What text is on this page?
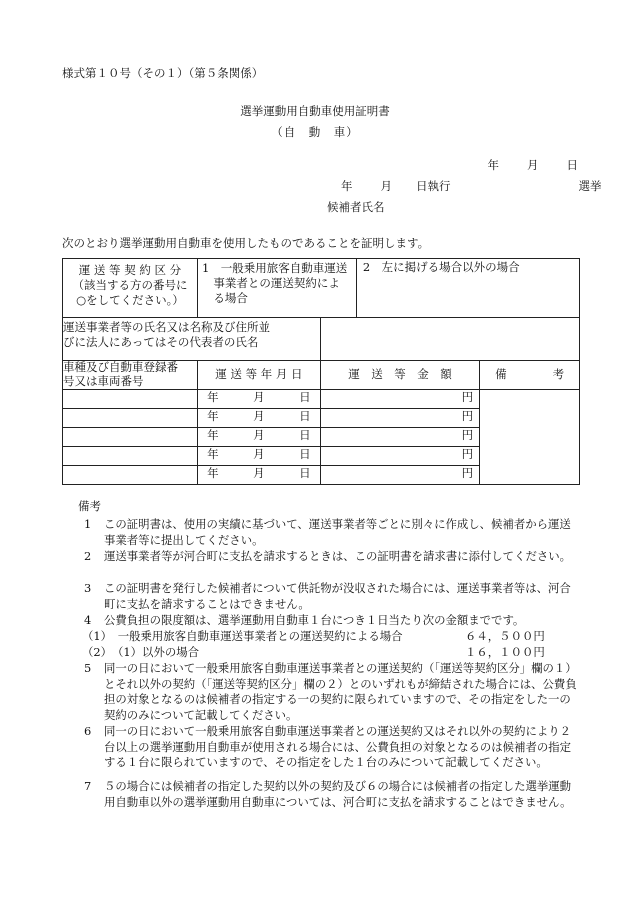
様式第１０号（その１）（第５条関係）
選挙運動用自動車使用証明書
（自　動　車）
年 月 日
年 月 日執行	選挙
候補者氏名
次のとおり選挙運動用自動車を使用したものであることを証明します。
運 送 等 契 約 区 分
（該当する方の番号に
○をしてください。）	1　一般乗用旅客自動車運送
　事業者との運送契約によ
　る場合		2　左に掲げる場合以外の場合	

運送事業者等の氏名又は名称及び住所並
びに法人にあってはその代表者の氏名				

車種及び自動車登録番
号又は車両番号	運 送 等 年 月 日	運　送　等　金　額		備　　　　考
	年　　　 月　　　 日	円		
	年　　　 月　　　 日	円		
	年　　　 月　　　 日	円		
	年　　　 月　　　 日	円		
	年　　　 月　　　 日	円		
備考
1	この証明書は、使用の実績に基づいて、運送事業者等ごとに別々に作成し、候補者から運送事業者等に提出してください。
2	運送事業者等が河合町に支払を請求するときは、この証明書を請求書に添付してください。
3	この証明書を発行した候補者について供託物が没収された場合には、運送事業者等は、河合町に支払を請求することはできません。
4	公費負担の限度額は、選挙運動用自動車１台につき１日当たり次の金額までです。
（1）　一般乗用旅客自動車運送事業者との運送契約による場合	６４，５００円
（2）　（1）以外の場合	１６，１００円
5	同一の日において一般乗用旅客自動車運送事業者との運送契約（「運送等契約区分」欄の１）とそれ以外の契約（「運送等契約区分」欄の２）とのいずれもが締結された場合には、公費負担の対象となるのは候補者の指定する一の契約に限られていますので、その指定をした一の契約のみについて記載してください。
6	同一の日において一般乗用旅客自動車運送事業者との運送契約又はそれ以外の契約により２台以上の選挙運動用自動車が使用される場合には、公費負担の対象となるのは候補者の指定する１台に限られていますので、その指定をした１台のみについて記載してください。
7	５の場合には候補者の指定した契約以外の契約及び６の場合には候補者の指定した選挙運動用自動車以外の選挙運動用自動車については、河合町に支払を請求することはできません。
